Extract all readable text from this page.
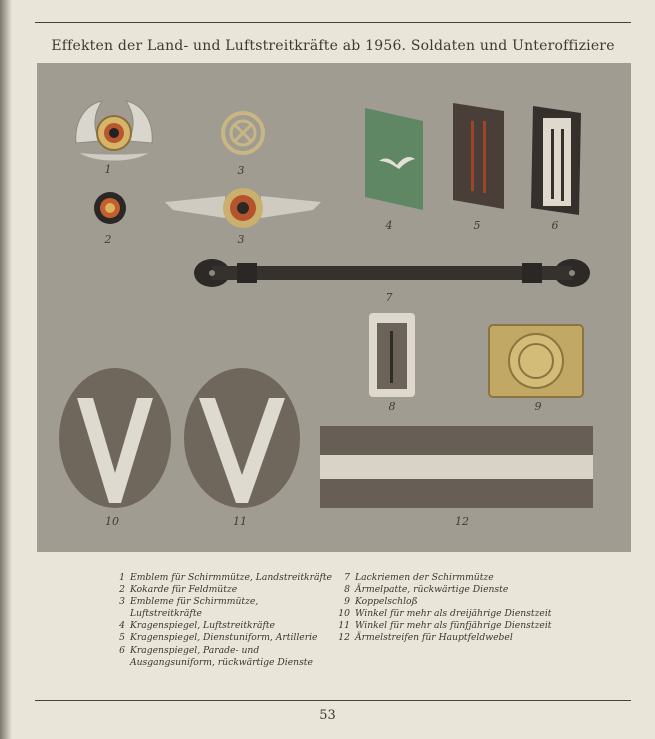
Effekten der Land- und Luftstreitkräfte ab 1956. Soldaten und Unteroffiziere
1
2
3
3
4	5	6
7
8	9
10	11	12
1 Emblem für Schirmmütze, Landstreitkräfte
2 Kokarde für Feldmütze
3 Embleme für Schirmmütze, Luftstreitkräfte
4 Kragenspiegel, Luftstreitkräfte
5 Kragenspiegel, Dienstuniform, Artillerie
6 Kragenspiegel, Parade- und Ausgangsuniform, rückwärtige Dienste
7 Lackriemen der Schirmmütze
8 Ärmelpatte, rückwärtige Dienste
9 Koppelschloß
10 Winkel für mehr als dreijährige Dienstzeit
11 Winkel für mehr als fünfjährige Dienstzeit
12 Ärmelstreifen für Hauptfeldwebel
53
